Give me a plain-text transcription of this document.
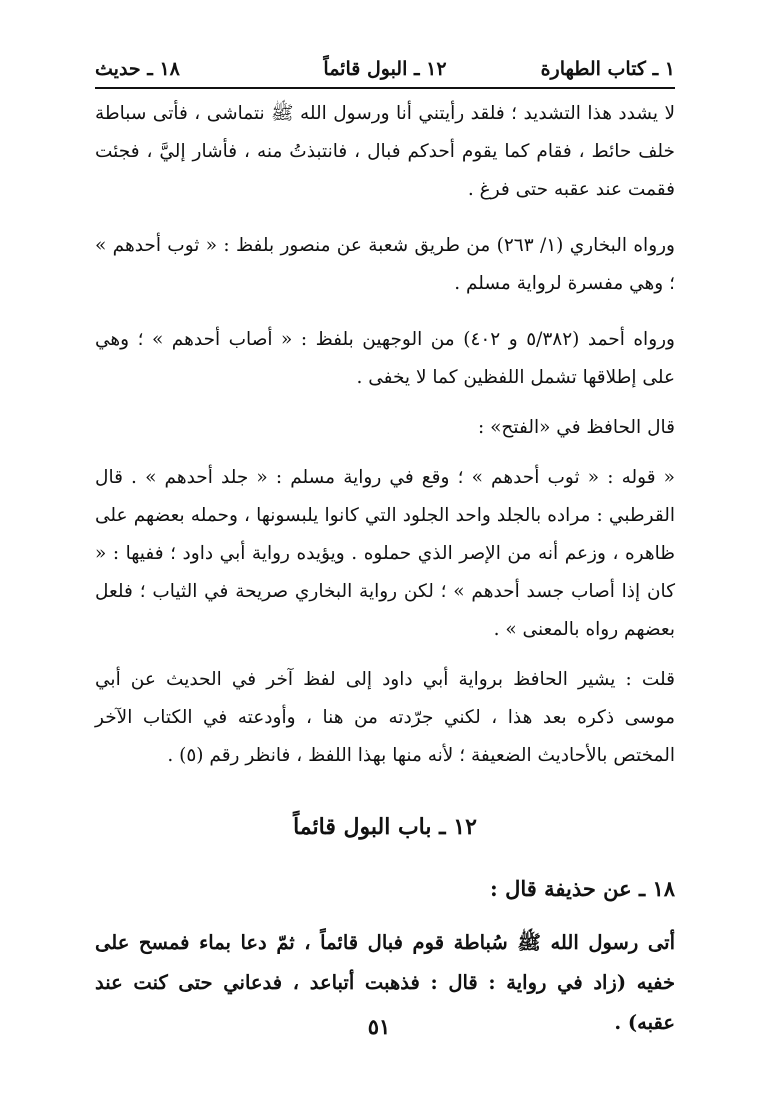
١ ـ كتاب الطهارة
١٢ ـ البول قائماً
١٨ ـ حديث

لا يشدد هذا التشديد ؛ فلقد رأيتني أنا ورسول الله ﷺ نتماشى ، فأتى سباطة خلف حائط ، فقام كما يقوم أحدكم فبال ، فانتبذتُ منه ، فأشار إليَّ ، فجئت فقمت عند عقبه حتى فرغ .

ورواه البخاري (١/ ٢٦٣) من طريق شعبة عن منصور بلفظ : « ثوب أحدهم » ؛ وهي مفسرة لرواية مسلم .

ورواه أحمد (٥/٣٨٢ و ٤٠٢) من الوجهين بلفظ : « أصاب أحدهم » ؛ وهي على إطلاقها تشمل اللفظين كما لا يخفى .

قال الحافظ في «الفتح» :

« قوله : « ثوب أحدهم » ؛ وقع في رواية مسلم : « جلد أحدهم » . قال القرطبي : مراده بالجلد واحد الجلود التي كانوا يلبسونها ، وحمله بعضهم على ظاهره ، وزعم أنه من الإصر الذي حملوه . ويؤيده رواية أبي داود ؛ ففيها : « كان إذا أصاب جسد أحدهم » ؛ لكن رواية البخاري صريحة في الثياب ؛ فلعل بعضهم رواه بالمعنى » .

قلت : يشير الحافظ برواية أبي داود إلى لفظ آخر في الحديث عن أبي موسى ذكره بعد هذا ، لكني جرّدته من هنا ، وأودعته في الكتاب الآخر المختص بالأحاديث الضعيفة ؛ لأنه منها بهذا اللفظ ، فانظر رقم (٥) .

١٢ ـ باب البول قائماً
١٨ ـ عن حذيفة قال :
أتى رسول الله ﷺ سُباطة قوم فبال قائماً ، ثمّ دعا بماء فمسح على خفيه (زاد في رواية : قال : فذهبت أتباعد ، فدعاني حتى كنت عند عقبه) .
٥١
